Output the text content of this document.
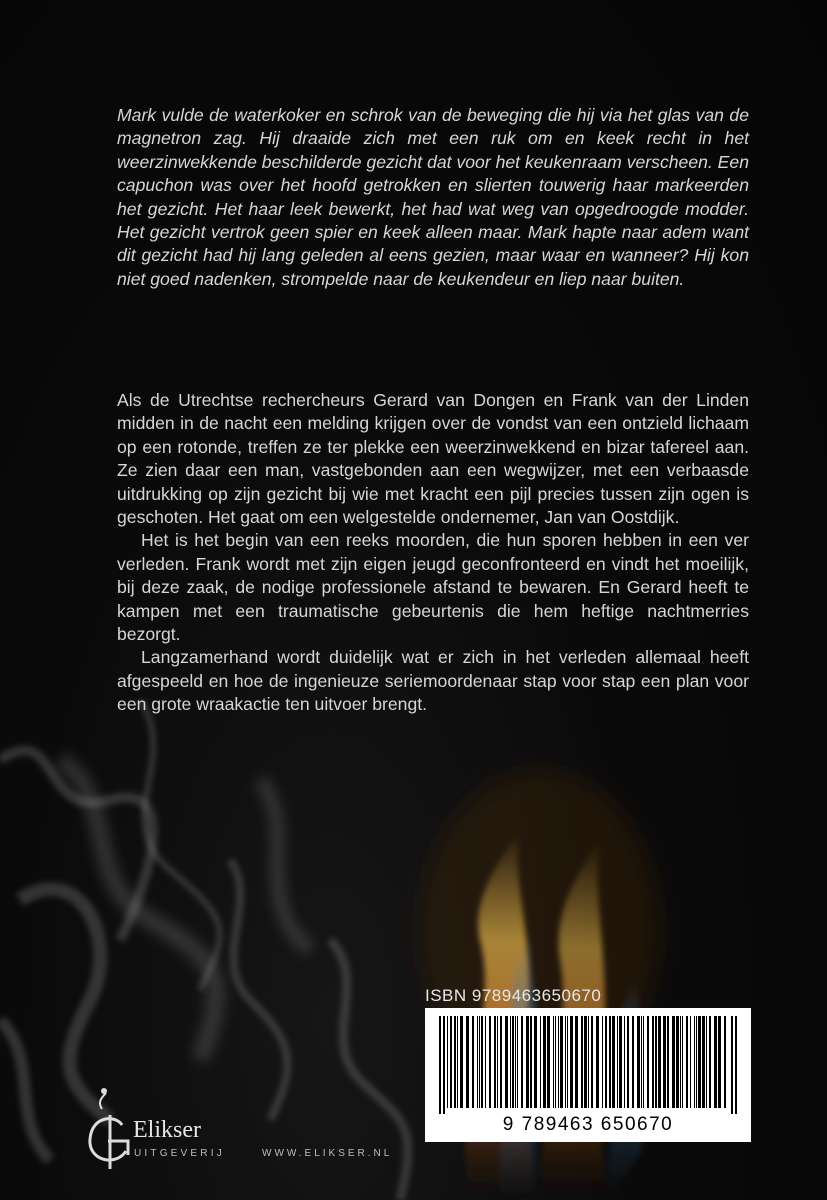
Mark vulde de waterkoker en schrok van de beweging die hij via het glas van de magnetron zag. Hij draaide zich met een ruk om en keek recht in het weerzinwekkende beschilderde gezicht dat voor het keukenraam verscheen. Een capuchon was over het hoofd getrokken en slierten touwerig haar markeerden het gezicht. Het haar leek bewerkt, het had wat weg van opgedroogde modder. Het gezicht vertrok geen spier en keek alleen maar. Mark hapte naar adem want dit gezicht had hij lang geleden al eens gezien, maar waar en wanneer? Hij kon niet goed nadenken, strompelde naar de keukendeur en liep naar buiten.

Als de Utrechtse rechercheurs Gerard van Dongen en Frank van der Linden midden in de nacht een melding krijgen over de vondst van een ontzield lichaam op een rotonde, treffen ze ter plekke een weerzinwekkend en bizar tafereel aan. Ze zien daar een man, vastgebonden aan een wegwijzer, met een verbaasde uitdrukking op zijn gezicht bij wie met kracht een pijl precies tussen zijn ogen is geschoten. Het gaat om een welgestelde ondernemer, Jan van Oostdijk.

Het is het begin van een reeks moorden, die hun sporen hebben in een ver verleden. Frank wordt met zijn eigen jeugd geconfronteerd en vindt het moeilijk, bij deze zaak, de nodige professionele afstand te bewaren. En Gerard heeft te kampen met een traumatische gebeurtenis die hem heftige nachtmerries bezorgt.

Langzamerhand wordt duidelijk wat er zich in het verleden allemaal heeft afgespeeld en hoe de ingenieuze seriemoordenaar stap voor stap een plan voor een grote wraakactie ten uitvoer brengt.

ISBN 9789463650670
9 789463 650670
Elikser
UITGEVERIJ	WWW.ELIKSER.NL
